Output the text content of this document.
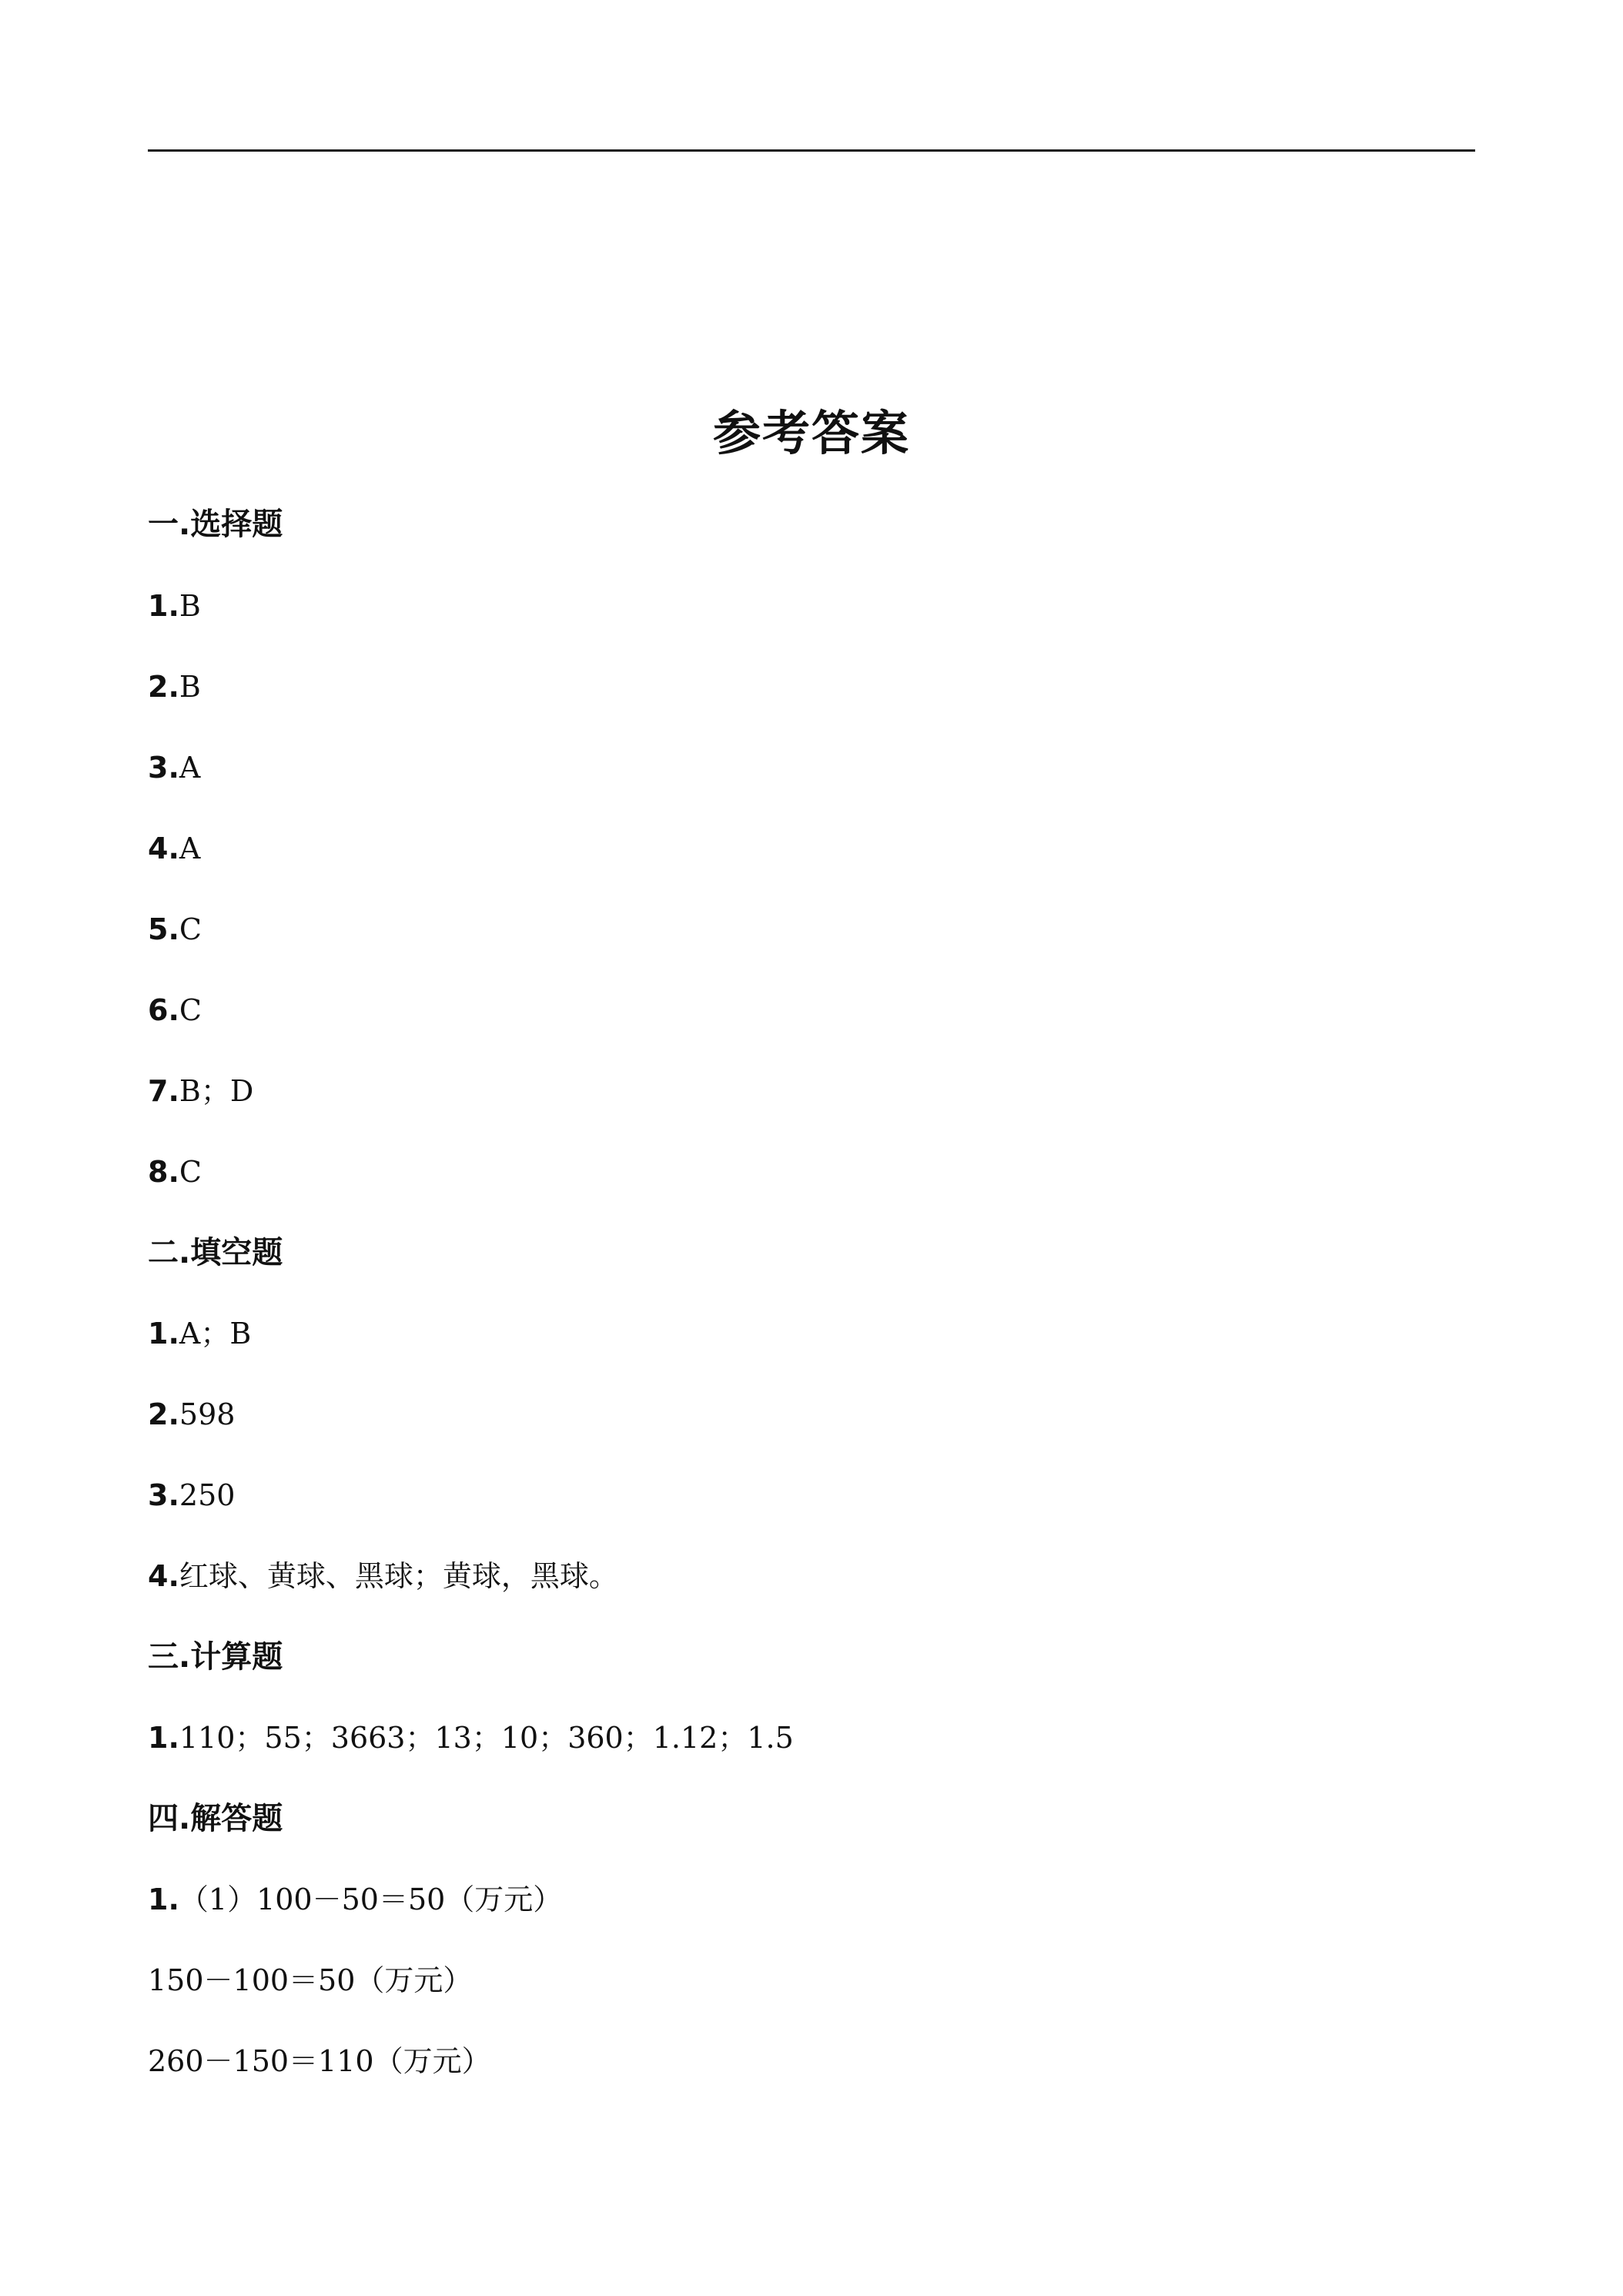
参考答案
一.选择题
1.B
2.B
3.A
4.A
5.C
6.C
7.B；D
8.C
二.填空题
1.A；B
2.598
3.250
4.红球、黄球、黑球；黄球，黑球。
三.计算题
1.110；55；3663；13；10；360；1.12；1.5
四.解答题
1.（1）100－50＝50（万元）
150－100＝50（万元）
260－150＝110（万元）
